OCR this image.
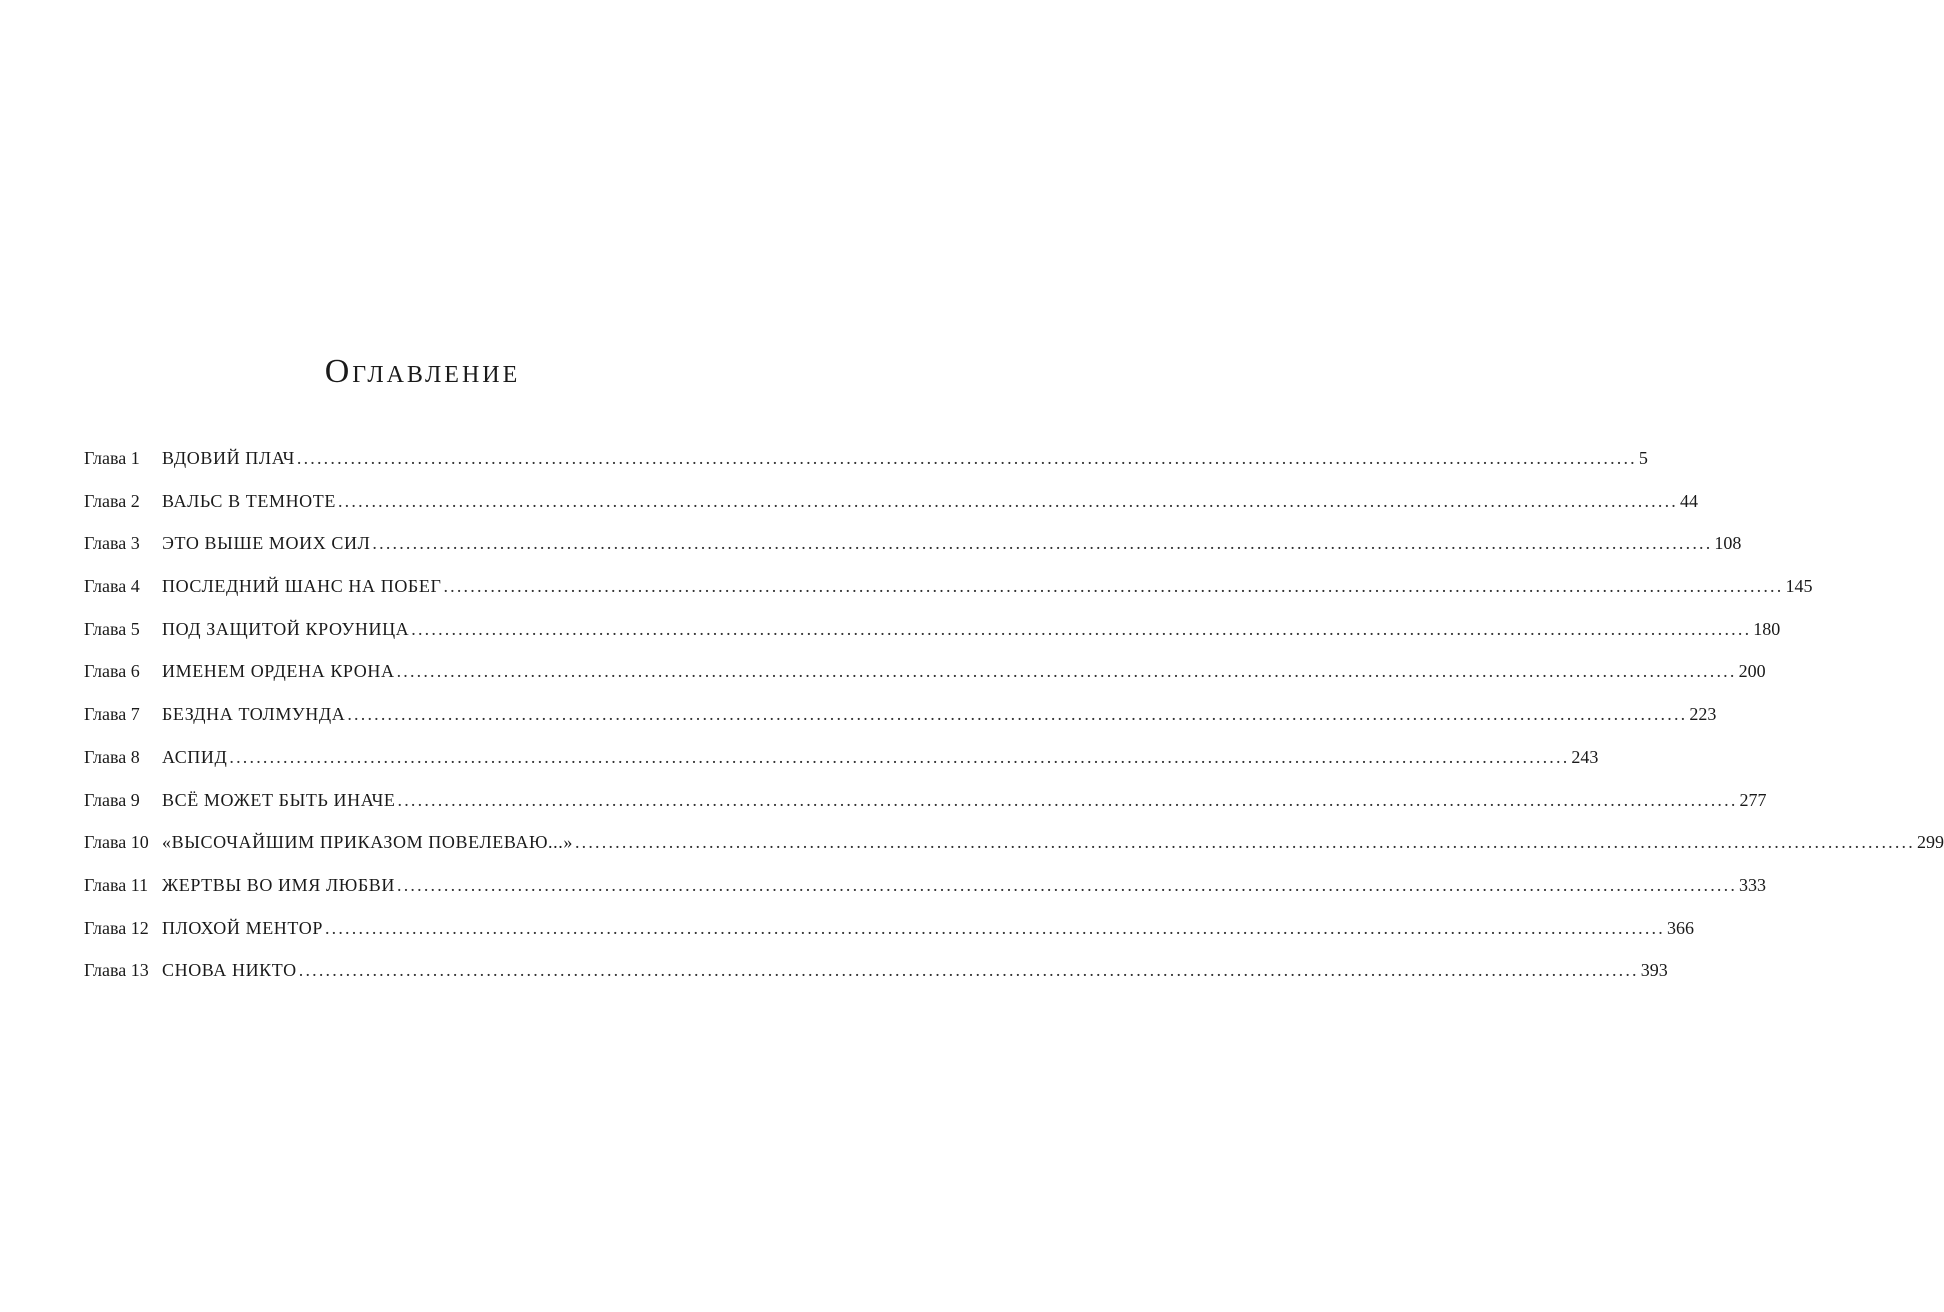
Оглавление
Глава 1	ВДОВИЙ ПЛАЧ ........................................................................................................................................................................................................ 5
Глава 2	ВАЛЬС В ТЕМНОТЕ ........................................................................................................................................................................................................ 44
Глава 3	ЭТО ВЫШЕ МОИХ СИЛ ........................................................................................................................................................................................................ 108
Глава 4	ПОСЛЕДНИЙ ШАНС НА ПОБЕГ ........................................................................................................................................................................................................ 145
Глава 5	ПОД ЗАЩИТОЙ КРОУНИЦА ........................................................................................................................................................................................................ 180
Глава 6	ИМЕНЕМ ОРДЕНА КРОНА ........................................................................................................................................................................................................ 200
Глава 7	БЕЗДНА ТОЛМУНДА ........................................................................................................................................................................................................ 223
Глава 8	АСПИД ........................................................................................................................................................................................................ 243
Глава 9	ВСЁ МОЖЕТ БЫТЬ ИНАЧЕ ........................................................................................................................................................................................................ 277
Глава 10 «ВЫСОЧАЙШИМ ПРИКАЗОМ ПОВЕЛЕВАЮ...» ........................................................................................................................................................................................................ 299
Глава 11 ЖЕРТВЫ ВО ИМЯ ЛЮБВИ ........................................................................................................................................................................................................ 333
Глава 12 ПЛОХОЙ МЕНТОР ........................................................................................................................................................................................................ 366
Глава 13 СНОВА НИКТО ........................................................................................................................................................................................................ 393
